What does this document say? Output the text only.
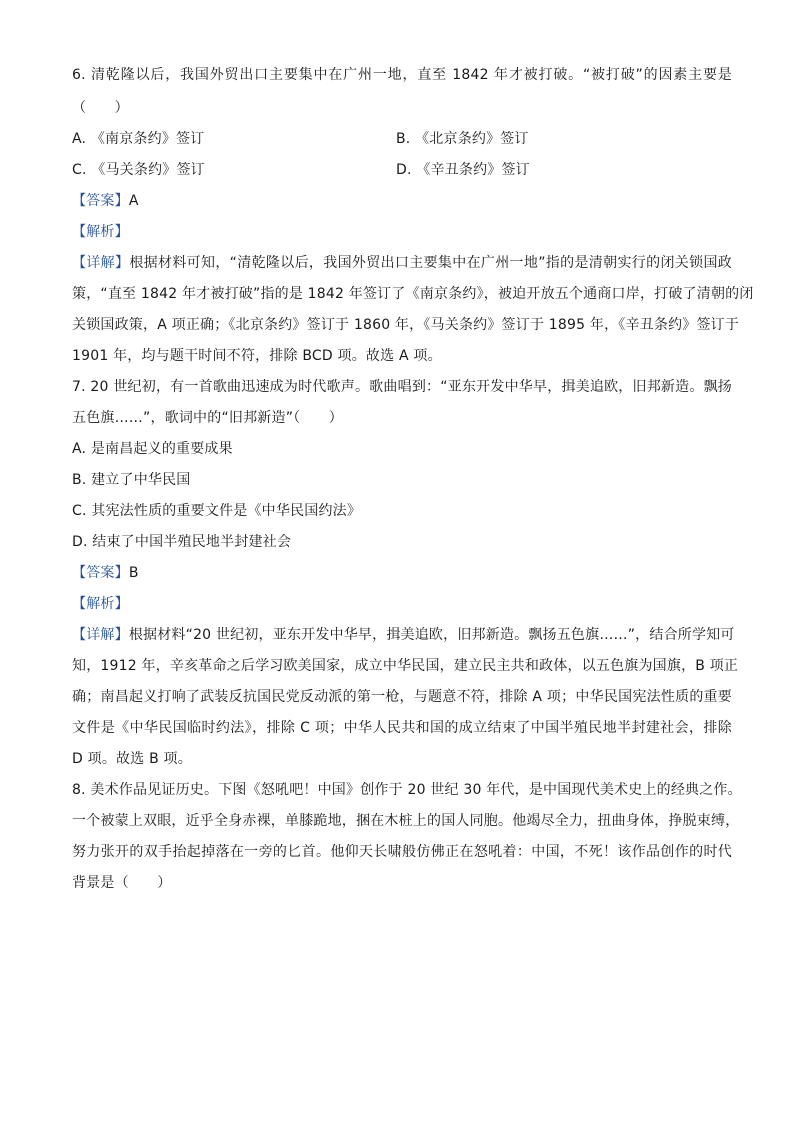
6. 清乾隆以后，我国外贸出口主要集中在广州一地，直至 1842 年才被打破。“被打破”的因素主要是
（　　）
A. 《南京条约》签订	B. 《北京条约》签订
C. 《马关条约》签订	D. 《辛丑条约》签订
【答案】A
【解析】
【详解】根据材料可知，“清乾隆以后，我国外贸出口主要集中在广州一地”指的是清朝实行的闭关锁国政
策，“直至 1842 年才被打破”指的是 1842 年签订了《南京条约》，被迫开放五个通商口岸，打破了清朝的闭
关锁国政策，A 项正确；《北京条约》签订于 1860 年，《马关条约》签订于 1895 年，《辛丑条约》签订于
1901 年，均与题干时间不符，排除 BCD 项。故选 A 项。
7. 20 世纪初，有一首歌曲迅速成为时代歌声。歌曲唱到：“亚东开发中华早，揖美追欧，旧邦新造。飘扬
五色旗……”，歌词中的“旧邦新造”（　　）
A. 是南昌起义的重要成果
B. 建立了中华民国
C. 其宪法性质的重要文件是《中华民国约法》
D. 结束了中国半殖民地半封建社会
【答案】B
【解析】
【详解】根据材料“20 世纪初，亚东开发中华早，揖美追欧，旧邦新造。飘扬五色旗……”，结合所学知可
知，1912 年，辛亥革命之后学习欧美国家，成立中华民国，建立民主共和政体，以五色旗为国旗，B 项正
确；南昌起义打响了武装反抗国民党反动派的第一枪，与题意不符，排除 A 项；中华民国宪法性质的重要
文件是《中华民国临时约法》，排除 C 项；中华人民共和国的成立结束了中国半殖民地半封建社会，排除
D 项。故选 B 项。
8. 美术作品见证历史。下图《怒吼吧！中国》创作于 20 世纪 30 年代，是中国现代美术史上的经典之作。
一个被蒙上双眼，近乎全身赤裸，单膝跪地，捆在木桩上的国人同胞。他竭尽全力，扭曲身体，挣脱束缚，
努力张开的双手抬起掉落在一旁的匕首。他仰天长啸般仿佛正在怒吼着：中国，不死！该作品创作的时代
背景是（　　）
